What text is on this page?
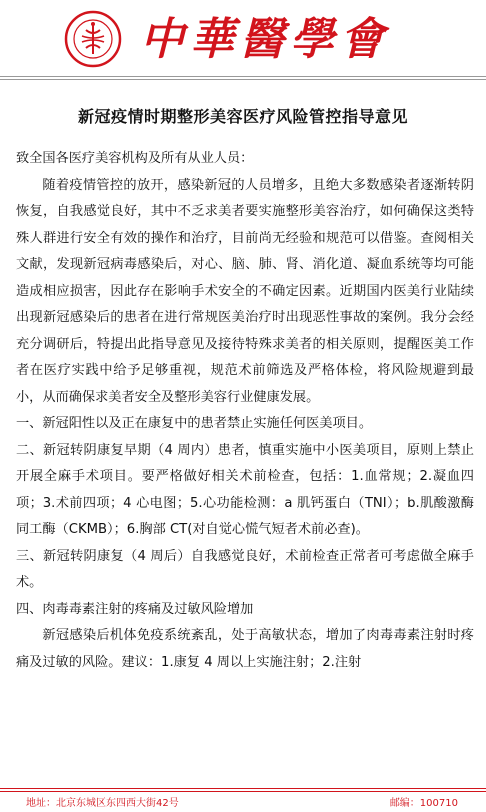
中華醫學會
新冠疫情时期整形美容医疗风险管控指导意见

致全国各医疗美容机构及所有从业人员：

随着疫情管控的放开，感染新冠的人员增多，且绝大多数感染者逐渐转阴恢复，自我感觉良好，其中不乏求美者要实施整形美容治疗，如何确保这类特殊人群进行安全有效的操作和治疗，目前尚无经验和规范可以借鉴。查阅相关文献，发现新冠病毒感染后，对心、脑、肺、肾、消化道、凝血系统等均可能造成相应损害，因此存在影响手术安全的不确定因素。近期国内医美行业陆续出现新冠感染后的患者在进行常规医美治疗时出现恶性事故的案例。我分会经充分调研后，特提出此指导意见及接待特殊求美者的相关原则，提醒医美工作者在医疗实践中给予足够重视，规范术前筛选及严格体检，将风险规避到最小，从而确保求美者安全及整形美容行业健康发展。

一、新冠阳性以及正在康复中的患者禁止实施任何医美项目。

二、新冠转阴康复早期（4 周内）患者，慎重实施中小医美项目，原则上禁止开展全麻手术项目。要严格做好相关术前检查，包括：1.血常规；2.凝血四项；3.术前四项；4 心电图；5.心功能检测：a 肌钙蛋白（TNI）；b.肌酸激酶同工酶（CKMB）；6.胸部 CT(对自觉心慌气短者术前必查)。

三、新冠转阴康复（4 周后）自我感觉良好，术前检查正常者可考虑做全麻手术。

四、肉毒毒素注射的疼痛及过敏风险增加

新冠感染后机体免疫系统紊乱，处于高敏状态，增加了肉毒毒素注射时疼痛及过敏的风险。建议：1.康复 4 周以上实施注射；2.注射

地址：北京东城区东四西大街42号	邮编：100710
